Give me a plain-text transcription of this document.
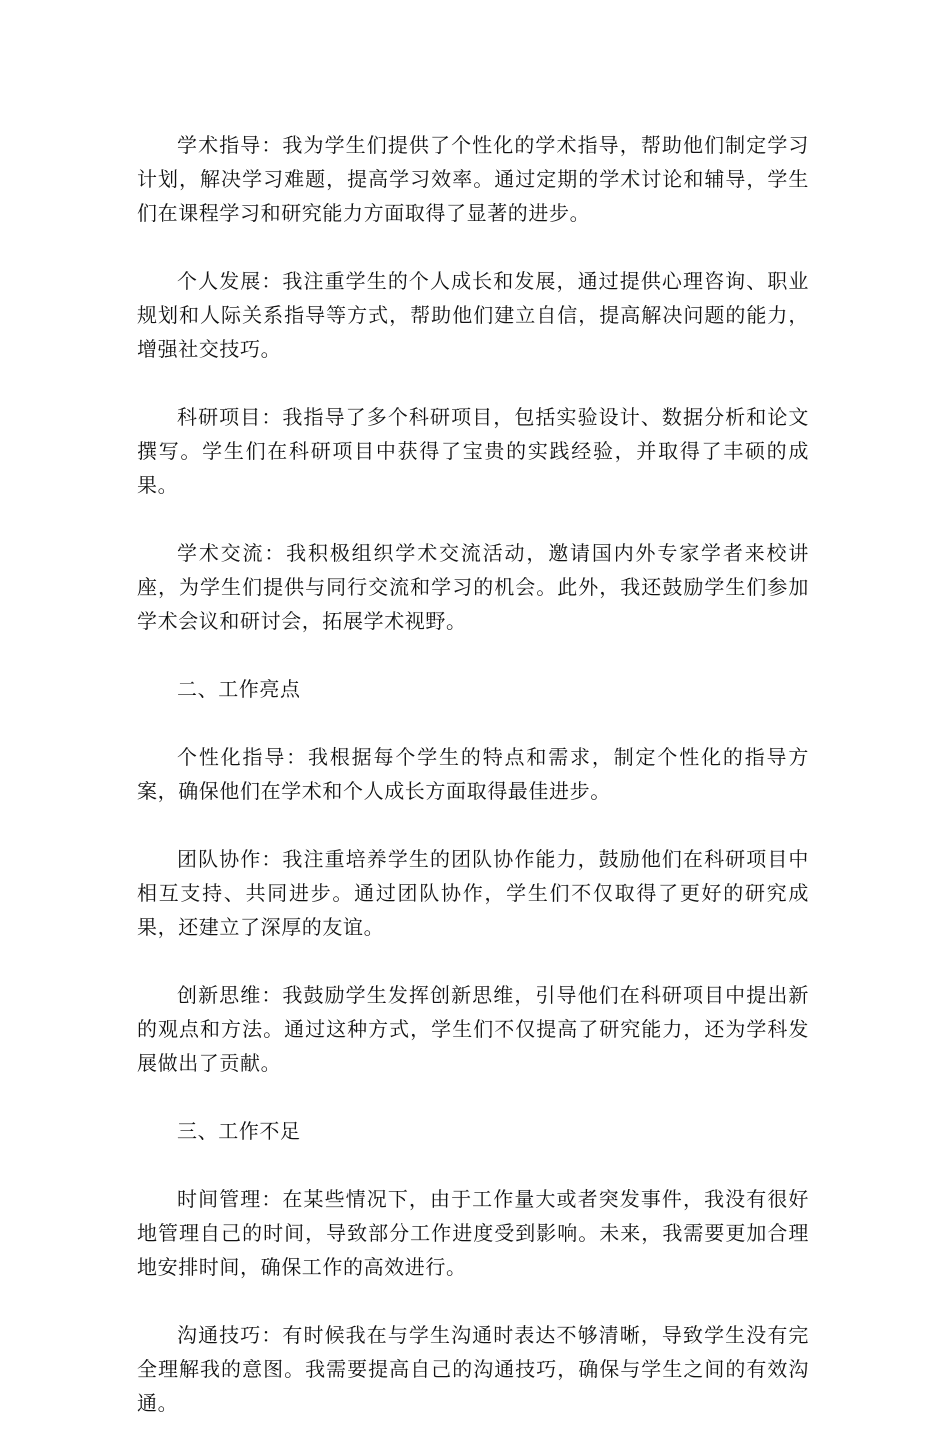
学术指导：我为学生们提供了个性化的学术指导，帮助他们制定学习计划，解决学习难题，提高学习效率。通过定期的学术讨论和辅导，学生们在课程学习和研究能力方面取得了显著的进步。

个人发展：我注重学生的个人成长和发展，通过提供心理咨询、职业规划和人际关系指导等方式，帮助他们建立自信，提高解决问题的能力，增强社交技巧。

科研项目：我指导了多个科研项目，包括实验设计、数据分析和论文撰写。学生们在科研项目中获得了宝贵的实践经验，并取得了丰硕的成果。

学术交流：我积极组织学术交流活动，邀请国内外专家学者来校讲座，为学生们提供与同行交流和学习的机会。此外，我还鼓励学生们参加学术会议和研讨会，拓展学术视野。

二、工作亮点

个性化指导：我根据每个学生的特点和需求，制定个性化的指导方案，确保他们在学术和个人成长方面取得最佳进步。

团队协作：我注重培养学生的团队协作能力，鼓励他们在科研项目中相互支持、共同进步。通过团队协作，学生们不仅取得了更好的研究成果，还建立了深厚的友谊。

创新思维：我鼓励学生发挥创新思维，引导他们在科研项目中提出新的观点和方法。通过这种方式，学生们不仅提高了研究能力，还为学科发展做出了贡献。

三、工作不足

时间管理：在某些情况下，由于工作量大或者突发事件，我没有很好地管理自己的时间，导致部分工作进度受到影响。未来，我需要更加合理地安排时间，确保工作的高效进行。

沟通技巧：有时候我在与学生沟通时表达不够清晰，导致学生没有完全理解我的意图。我需要提高自己的沟通技巧，确保与学生之间的有效沟通。
